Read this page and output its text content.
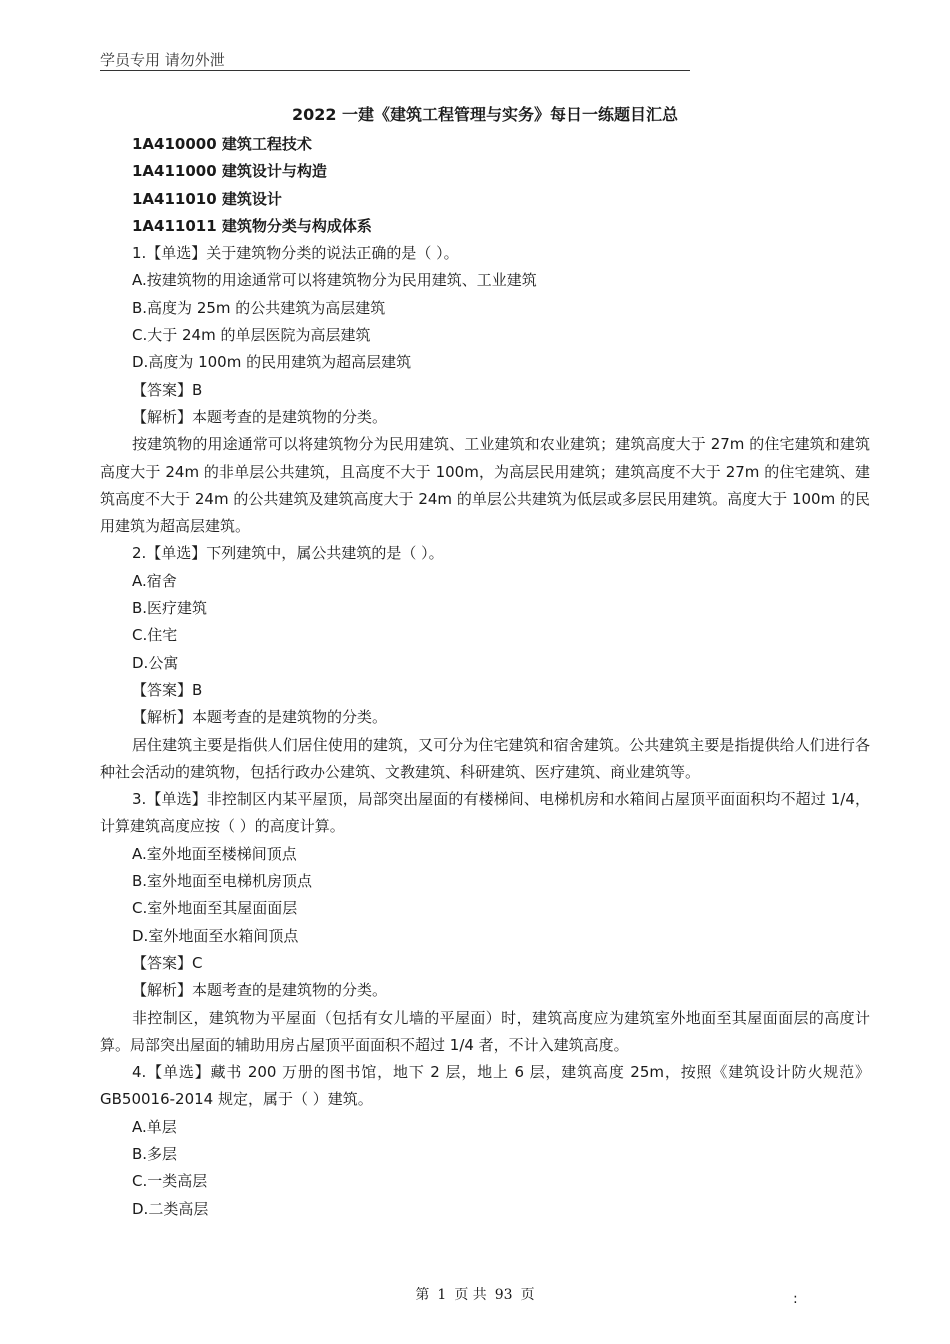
学员专用 请勿外泄
2022 一建《建筑工程管理与实务》每日一练题目汇总

1A410000 建筑工程技术

1A411000 建筑设计与构造

1A411010 建筑设计

1A411011 建筑物分类与构成体系

1.【单选】关于建筑物分类的说法正确的是（ ）。

A.按建筑物的用途通常可以将建筑物分为民用建筑、工业建筑

B.高度为 25m 的公共建筑为高层建筑

C.大于 24m 的单层医院为高层建筑

D.高度为 100m 的民用建筑为超高层建筑

【答案】B

【解析】本题考查的是建筑物的分类。

按建筑物的用途通常可以将建筑物分为民用建筑、工业建筑和农业建筑；建筑高度大于 27m 的住宅建筑和建筑高度大于 24m 的非单层公共建筑，且高度不大于 100m，为高层民用建筑；建筑高度不大于 27m 的住宅建筑、建筑高度不大于 24m 的公共建筑及建筑高度大于 24m 的单层公共建筑为低层或多层民用建筑。高度大于 100m 的民用建筑为超高层建筑。

2.【单选】下列建筑中，属公共建筑的是（ ）。

A.宿舍

B.医疗建筑

C.住宅

D.公寓

【答案】B

【解析】本题考查的是建筑物的分类。

居住建筑主要是指供人们居住使用的建筑，又可分为住宅建筑和宿舍建筑。公共建筑主要是指提供给人们进行各种社会活动的建筑物，包括行政办公建筑、文教建筑、科研建筑、医疗建筑、商业建筑等。

3.【单选】非控制区内某平屋顶，局部突出屋面的有楼梯间、电梯机房和水箱间占屋顶平面面积均不超过 1/4，计算建筑高度应按（ ）的高度计算。

A.室外地面至楼梯间顶点

B.室外地面至电梯机房顶点

C.室外地面至其屋面面层

D.室外地面至水箱间顶点

【答案】C

【解析】本题考查的是建筑物的分类。

非控制区，建筑物为平屋面（包括有女儿墙的平屋面）时，建筑高度应为建筑室外地面至其屋面面层的高度计算。局部突出屋面的辅助用房占屋顶平面面积不超过 1/4 者，不计入建筑高度。

4.【单选】藏书 200 万册的图书馆，地下 2 层，地上 6 层，建筑高度 25m，按照《建筑设计防火规范》GB50016-2014 规定，属于（ ）建筑。

A.单层

B.多层

C.一类高层

D.二类高层

第 1 页 共 93 页	:
